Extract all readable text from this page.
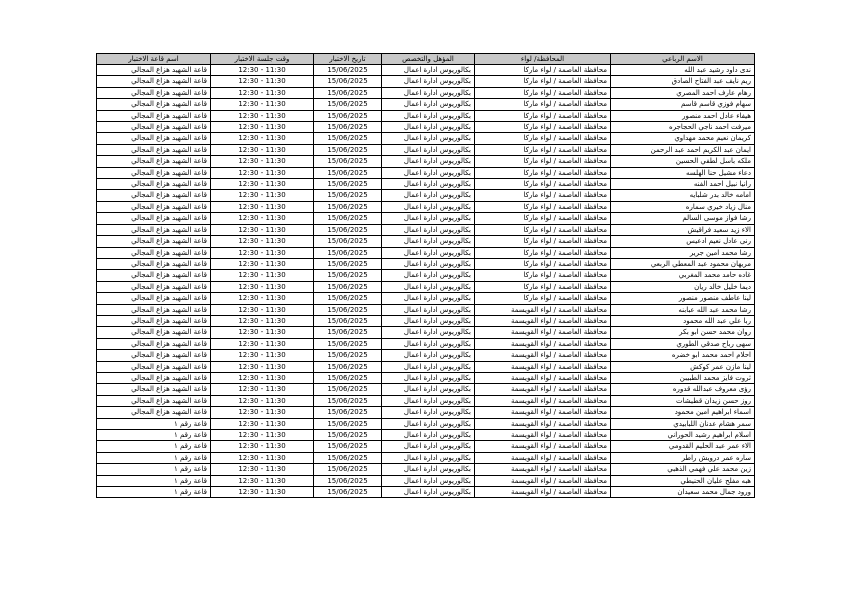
الاسم الرباعي	المحافظة/ لواء	المؤهل والتخصص	تاريخ الاختبار	وقت جلسة الاختبار	اسم قاعة الاختبار
ندى داود رشيد عبد الله	محافظة العاصمة / لواء ماركا	بكالوريوس ادارة اعمال	15/06/2025	11:30 - 12:30	قاعة الشهيد هزاع المجالي
ريم نايف عبد الفتاح الصادق	محافظة العاصمة / لواء ماركا	بكالوريوس ادارة اعمال	15/06/2025	11:30 - 12:30	قاعة الشهيد هزاع المجالي
رهام عارف احمد المصري	محافظة العاصمة / لواء ماركا	بكالوريوس ادارة اعمال	15/06/2025	11:30 - 12:30	قاعة الشهيد هزاع المجالي
سهام فوزي قاسم قاسم	محافظة العاصمة / لواء ماركا	بكالوريوس ادارة اعمال	15/06/2025	11:30 - 12:30	قاعة الشهيد هزاع المجالي
هيفاء عادل احمد منصور	محافظة العاصمة / لواء ماركا	بكالوريوس ادارة اعمال	15/06/2025	11:30 - 12:30	قاعة الشهيد هزاع المجالي
ميرفت احمد ناجي الحجاجره	محافظة العاصمة / لواء ماركا	بكالوريوس ادارة اعمال	15/06/2025	11:30 - 12:30	قاعة الشهيد هزاع المجالي
كريمان نعيم محمد مهداوي	محافظة العاصمة / لواء ماركا	بكالوريوس ادارة اعمال	15/06/2025	11:30 - 12:30	قاعة الشهيد هزاع المجالي
ايمان عبد الكريم احمد عبد الرحمن	محافظة العاصمة / لواء ماركا	بكالوريوس ادارة اعمال	15/06/2025	11:30 - 12:30	قاعة الشهيد هزاع المجالي
ملكه باسل لطفي الحسين	محافظة العاصمة / لواء ماركا	بكالوريوس ادارة اعمال	15/06/2025	11:30 - 12:30	قاعة الشهيد هزاع المجالي
دعاء مشيل حنا الهلسه	محافظة العاصمة / لواء ماركا	بكالوريوس ادارة اعمال	15/06/2025	11:30 - 12:30	قاعة الشهيد هزاع المجالي
رانيا نبيل احمد الفنه	محافظة العاصمة / لواء ماركا	بكالوريوس ادارة اعمال	15/06/2025	11:30 - 12:30	قاعة الشهيد هزاع المجالي
امامه خالد بدر شلبايه	محافظة العاصمة / لواء ماركا	بكالوريوس ادارة اعمال	15/06/2025	11:30 - 12:30	قاعة الشهيد هزاع المجالي
منال زياد خيري سماره	محافظة العاصمة / لواء ماركا	بكالوريوس ادارة اعمال	15/06/2025	11:30 - 12:30	قاعة الشهيد هزاع المجالي
رشا فواز موسى السالم	محافظة العاصمة / لواء ماركا	بكالوريوس ادارة اعمال	15/06/2025	11:30 - 12:30	قاعة الشهيد هزاع المجالي
الاء زيد سعيد فراقيش	محافظة العاصمة / لواء ماركا	بكالوريوس ادارة اعمال	15/06/2025	11:30 - 12:30	قاعة الشهيد هزاع المجالي
رنى عادل نعيم ادعيس	محافظة العاصمة / لواء ماركا	بكالوريوس ادارة اعمال	15/06/2025	11:30 - 12:30	قاعة الشهيد هزاع المجالي
رشا محمد امين جرير	محافظة العاصمة / لواء ماركا	بكالوريوس ادارة اعمال	15/06/2025	11:30 - 12:30	قاعة الشهيد هزاع المجالي
مريهان محمود عبد المعطي الربعي	محافظة العاصمة / لواء ماركا	بكالوريوس ادارة اعمال	15/06/2025	11:30 - 12:30	قاعة الشهيد هزاع المجالي
غاده حامد محمد المغربي	محافظة العاصمة / لواء ماركا	بكالوريوس ادارة اعمال	15/06/2025	11:30 - 12:30	قاعة الشهيد هزاع المجالي
ديما خليل خالد ريان	محافظة العاصمة / لواء ماركا	بكالوريوس ادارة اعمال	15/06/2025	11:30 - 12:30	قاعة الشهيد هزاع المجالي
لينا عاطف منصور منصور	محافظة العاصمة / لواء ماركا	بكالوريوس ادارة اعمال	15/06/2025	11:30 - 12:30	قاعة الشهيد هزاع المجالي
رشا محمد عبد الله عبابنه	محافظة العاصمة / لواء القويسمة	بكالوريوس ادارة اعمال	15/06/2025	11:30 - 12:30	قاعة الشهيد هزاع المجالي
ربا علي عبد الله محمود	محافظة العاصمة / لواء القويسمة	بكالوريوس ادارة اعمال	15/06/2025	11:30 - 12:30	قاعة الشهيد هزاع المجالي
روان محمد حسن ابو بكر	محافظة العاصمة / لواء القويسمة	بكالوريوس ادارة اعمال	15/06/2025	11:30 - 12:30	قاعة الشهيد هزاع المجالي
سهى رباح صدقي الطوري	محافظة العاصمة / لواء القويسمة	بكالوريوس ادارة اعمال	15/06/2025	11:30 - 12:30	قاعة الشهيد هزاع المجالي
احلام احمد محمد ابو خضره	محافظة العاصمة / لواء القويسمة	بكالوريوس ادارة اعمال	15/06/2025	11:30 - 12:30	قاعة الشهيد هزاع المجالي
لينا مازن عمر كوكش	محافظة العاصمة / لواء القويسمة	بكالوريوس ادارة اعمال	15/06/2025	11:30 - 12:30	قاعة الشهيد هزاع المجالي
ثروت فايز محمد الطبيبن	محافظة العاصمة / لواء القويسمة	بكالوريوس ادارة اعمال	15/06/2025	11:30 - 12:30	قاعة الشهيد هزاع المجالي
رؤى معروف عبدالله قدوره	محافظة العاصمة / لواء القويسمة	بكالوريوس ادارة اعمال	15/06/2025	11:30 - 12:30	قاعة الشهيد هزاع المجالي
روز حسن زيدان قطيشات	محافظة العاصمة / لواء القويسمة	بكالوريوس ادارة اعمال	15/06/2025	11:30 - 12:30	قاعة الشهيد هزاع المجالي
اسماء ابراهيم امين محمود	محافظة العاصمة / لواء القويسمة	بكالوريوس ادارة اعمال	15/06/2025	11:30 - 12:30	قاعة الشهيد هزاع المجالي
سمر هشام عدنان اللبابيدي	محافظة العاصمة / لواء القويسمة	بكالوريوس ادارة اعمال	15/06/2025	11:30 - 12:30	قاعة رقم ١
اسلام ابراهيم رشيد الحوراني	محافظة العاصمة / لواء القويسمة	بكالوريوس ادارة اعمال	15/06/2025	11:30 - 12:30	قاعة رقم ١
الاء عمر عبد الحليم القدومي	محافظة العاصمة / لواء القويسمة	بكالوريوس ادارة اعمال	15/06/2025	11:30 - 12:30	قاعة رقم ١
ساره عمر درويش راطر	محافظة العاصمة / لواء القويسمة	بكالوريوس ادارة اعمال	15/06/2025	11:30 - 12:30	قاعة رقم ١
زين محمد علي فهمي الذهبي	محافظة العاصمة / لواء القويسمة	بكالوريوس ادارة اعمال	15/06/2025	11:30 - 12:30	قاعة رقم ١
هبه مفلح عليان الحنيطي	محافظة العاصمة / لواء القويسمة	بكالوريوس ادارة اعمال	15/06/2025	11:30 - 12:30	قاعة رقم ١
ورود جمال محمد سعيدان	محافظة العاصمة / لواء القويسمة	بكالوريوس ادارة اعمال	15/06/2025	11:30 - 12:30	قاعة رقم ١
